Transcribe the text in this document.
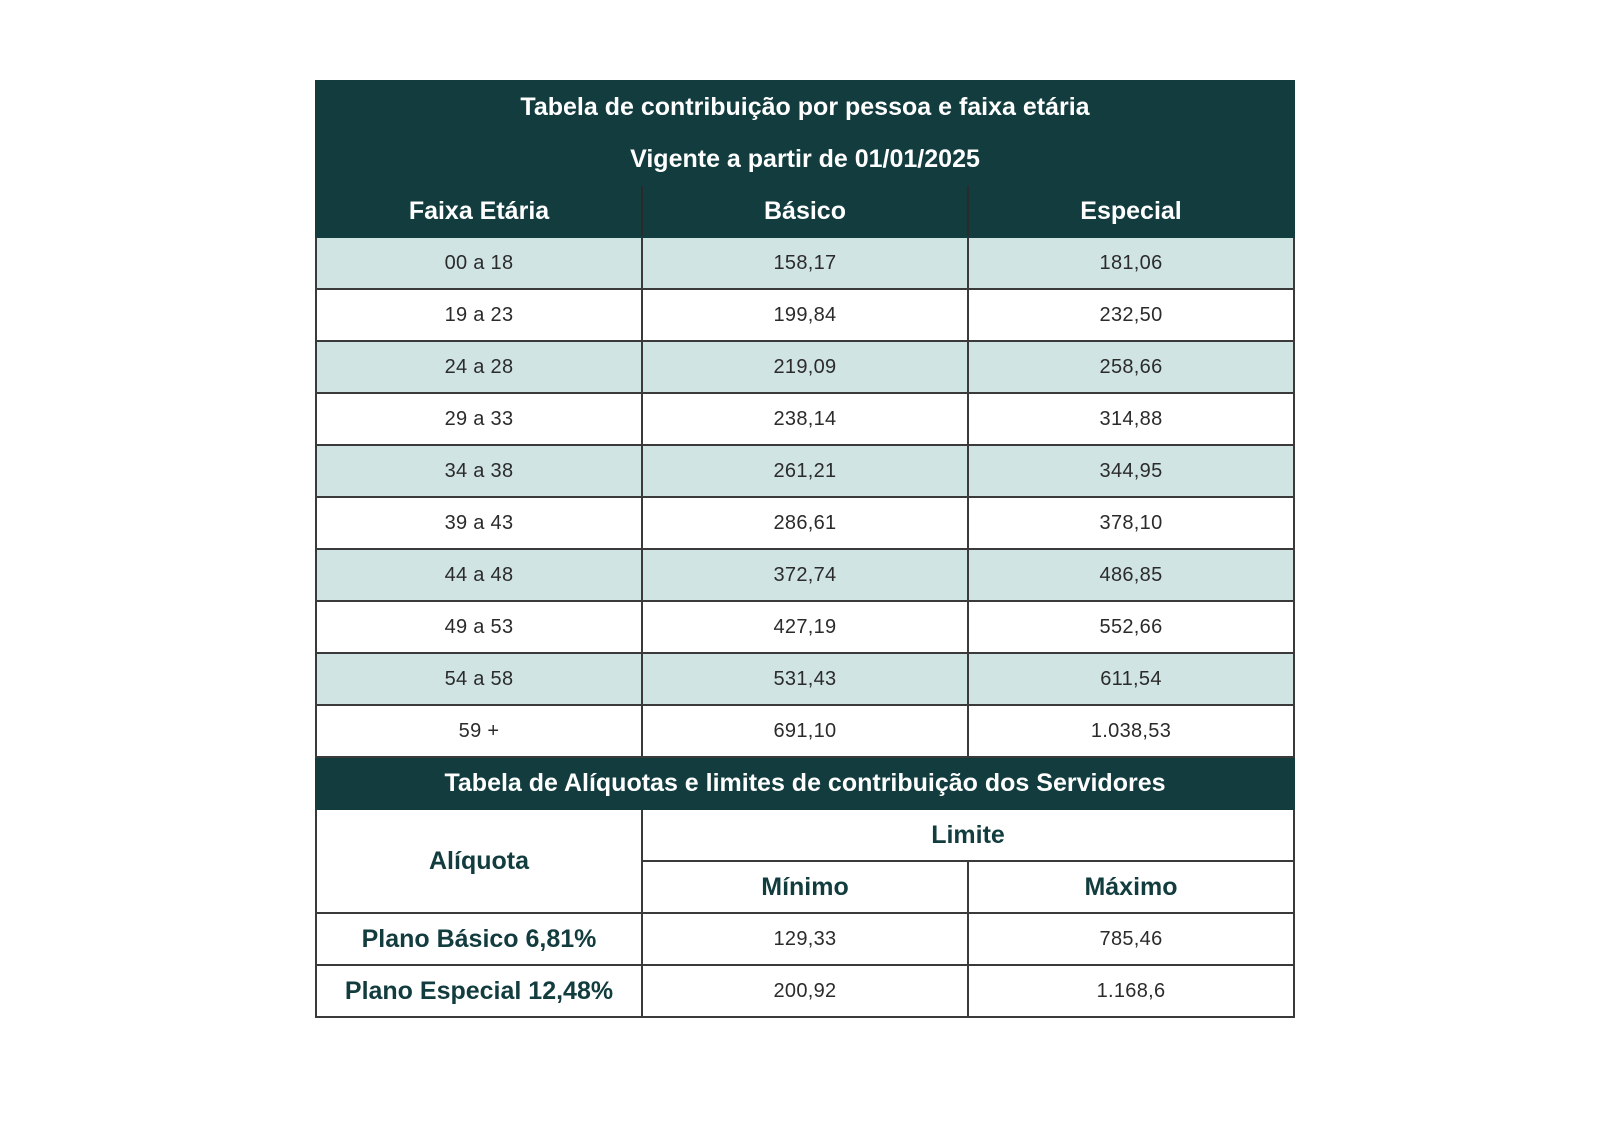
Tabela de contribuição por pessoa e faixa etária		
Vigente a partir de 01/01/2025		
Faixa Etária	Básico	Especial
00 a 18	158,17	181,06
19 a 23	199,84	232,50
24 a 28	219,09	258,66
29 a 33	238,14	314,88
34 a 38	261,21	344,95
39 a 43	286,61	378,10
44 a 48	372,74	486,85
49 a 53	427,19	552,66
54 a 58	531,43	611,54
59 +	691,10	1.038,53
Tabela de Alíquotas e limites de contribuição dos Servidores		
Alíquota	Limite	
	Mínimo	Máximo
Plano Básico 6,81%	129,33	785,46
Plano Especial 12,48%	200,92	1.168,6
